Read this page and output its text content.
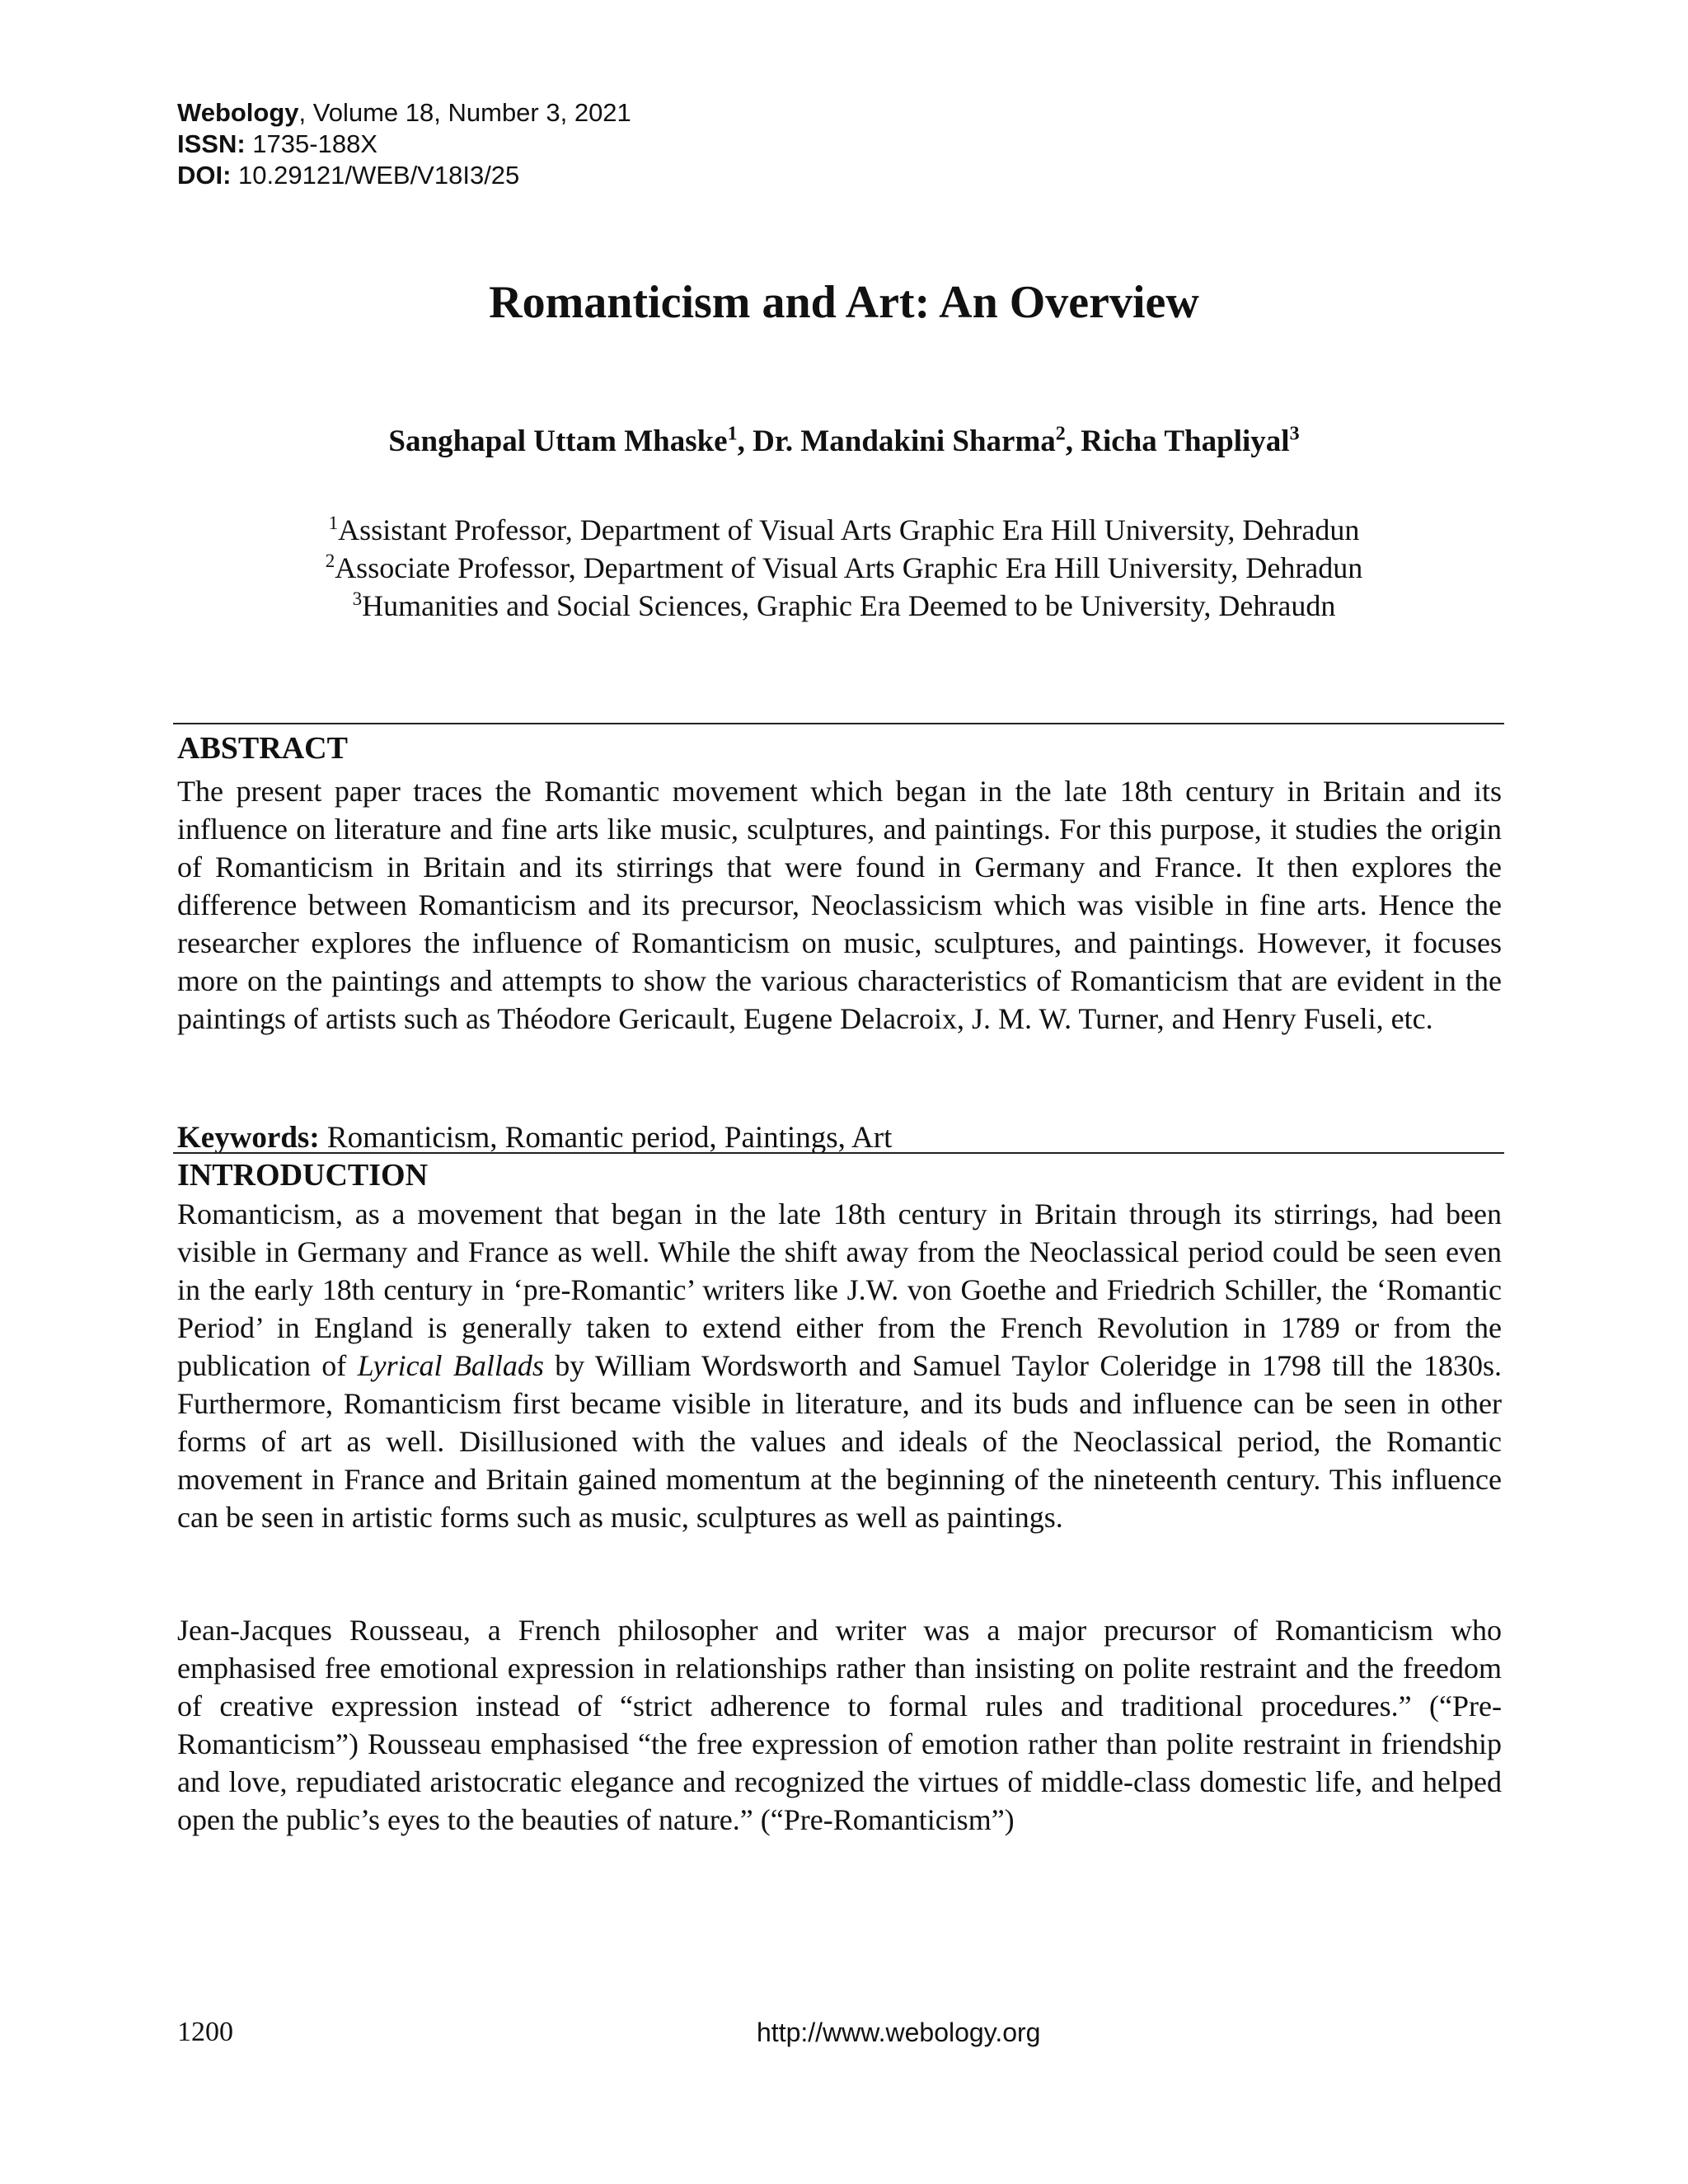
Webology, Volume 18, Number 3, 2021
ISSN: 1735-188X
DOI: 10.29121/WEB/V18I3/25
Romanticism and Art: An Overview
Sanghapal Uttam Mhaske$^1$, Dr. Mandakini Sharma$^2$, Richa Thapliyal$^3$
$^1$Assistant Professor, Department of Visual Arts Graphic Era Hill University, Dehradun
$^2$Associate Professor, Department of Visual Arts Graphic Era Hill University, Dehradun
$^3$Humanities and Social Sciences, Graphic Era Deemed to be University, Dehraudn
ABSTRACT
The present paper traces the Romantic movement which began in the late 18th century in Britain and its influence on literature and fine arts like music, sculptures, and paintings. For this purpose, it studies the origin of Romanticism in Britain and its stirrings that were found in Germany and France. It then explores the difference between Romanticism and its precursor, Neoclassicism which was visible in fine arts. Hence the researcher explores the influence of Romanticism on music, sculptures, and paintings. However, it focuses more on the paintings and attempts to show the various characteristics of Romanticism that are evident in the paintings of artists such as Théodore Gericault, Eugene Delacroix, J. M. W. Turner, and Henry Fuseli, etc.
Keywords: Romanticism, Romantic period, Paintings, Art
INTRODUCTION
Romanticism, as a movement that began in the late 18th century in Britain through its stirrings, had been visible in Germany and France as well. While the shift away from the Neoclassical period could be seen even in the early 18th century in ‘pre-Romantic’ writers like J.W. von Goethe and Friedrich Schiller, the ‘Romantic Period’ in England is generally taken to extend either from the French Revolution in 1789 or from the publication of Lyrical Ballads by William Wordsworth and Samuel Taylor Coleridge in 1798 till the 1830s. Furthermore, Romanticism first became visible in literature, and its buds and influence can be seen in other forms of art as well. Disillusioned with the values and ideals of the Neoclassical period, the Romantic movement in France and Britain gained momentum at the beginning of the nineteenth century. This influence can be seen in artistic forms such as music, sculptures as well as paintings.
Jean-Jacques Rousseau, a French philosopher and writer was a major precursor of Romanticism who emphasised free emotional expression in relationships rather than insisting on polite restraint and the freedom of creative expression instead of “strict adherence to formal rules and traditional procedures.” (“Pre-Romanticism”) Rousseau emphasised “the free expression of emotion rather than polite restraint in friendship and love, repudiated aristocratic elegance and recognized the virtues of middle-class domestic life, and helped open the public’s eyes to the beauties of nature.” (“Pre-Romanticism”)
1200	http://www.webology.org
